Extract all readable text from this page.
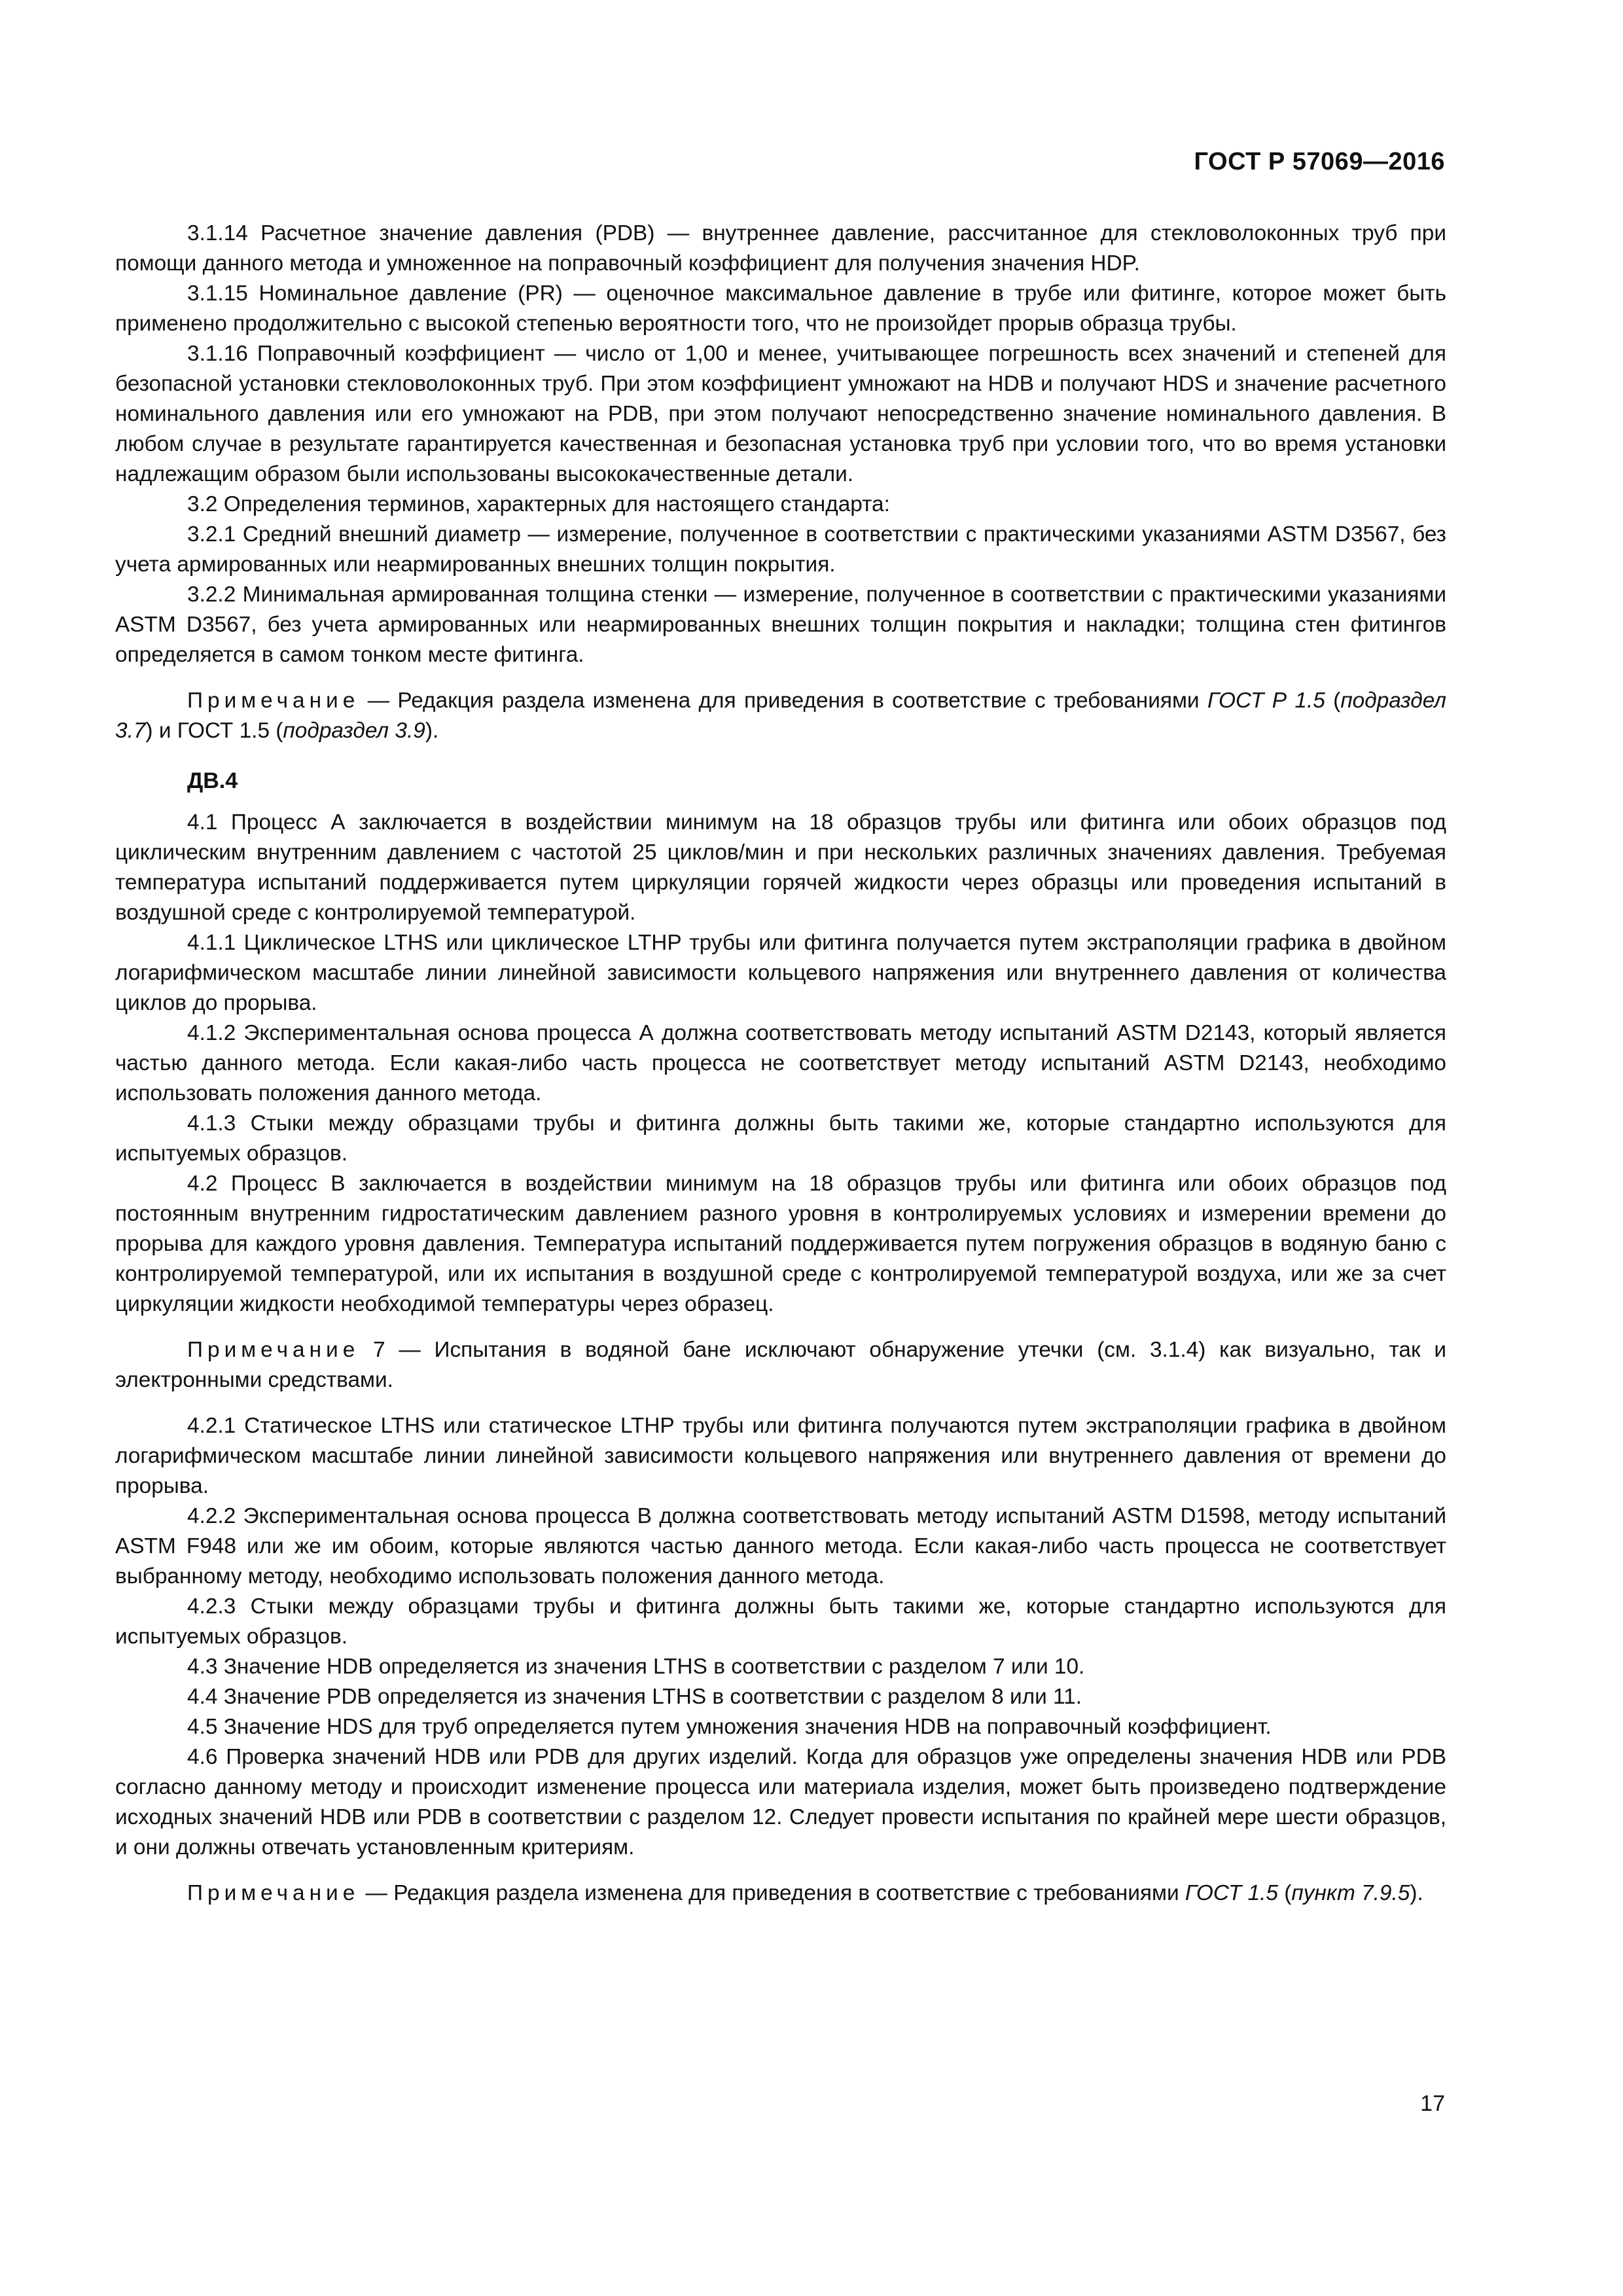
ГОСТ Р 57069—2016

3.1.14 Расчетное значение давления (PDB) — внутреннее давление, рассчитанное для стекловолоконных труб при помощи данного метода и умноженное на поправочный коэффициент для получения значения HDP.

3.1.15 Номинальное давление (PR) — оценочное максимальное давление в трубе или фитинге, которое может быть применено продолжительно с высокой степенью вероятности того, что не произойдет прорыв образца трубы.

3.1.16 Поправочный коэффициент — число от 1,00 и менее, учитывающее погрешность всех значений и степеней для безопасной установки стекловолоконных труб. При этом коэффициент умножают на HDB и получают HDS и значение расчетного номинального давления или его умножают на PDB, при этом получают непосредственно значение номинального давления. В любом случае в результате гарантируется качественная и безопасная установка труб при условии того, что во время установки надлежащим образом были использованы высококачественные детали.

3.2 Определения терминов, характерных для настоящего стандарта:

3.2.1 Средний внешний диаметр — измерение, полученное в соответствии с практическими указаниями ASTM D3567, без учета армированных или неармированных внешних толщин покрытия.

3.2.2 Минимальная армированная толщина стенки — измерение, полученное в соответствии с практическими указаниями ASTM D3567, без учета армированных или неармированных внешних толщин покрытия и накладки; толщина стен фитингов определяется в самом тонком месте фитинга.

Примечание — Редакция раздела изменена для приведения в соответствие с требованиями ГОСТ Р 1.5 (подраздел 3.7) и ГОСТ 1.5 (подраздел 3.9).

ДВ.4

4.1 Процесс А заключается в воздействии минимум на 18 образцов трубы или фитинга или обоих образцов под циклическим внутренним давлением с частотой 25 циклов/мин и при нескольких различных значениях давления. Требуемая температура испытаний поддерживается путем циркуляции горячей жидкости через образцы или проведения испытаний в воздушной среде с контролируемой температурой.

4.1.1 Циклическое LTHS или циклическое LTHP трубы или фитинга получается путем экстраполяции графика в двойном логарифмическом масштабе линии линейной зависимости кольцевого напряжения или внутреннего давления от количества циклов до прорыва.

4.1.2 Экспериментальная основа процесса А должна соответствовать методу испытаний ASTM D2143, который является частью данного метода. Если какая-либо часть процесса не соответствует методу испытаний ASTM D2143, необходимо использовать положения данного метода.

4.1.3 Стыки между образцами трубы и фитинга должны быть такими же, которые стандартно используются для испытуемых образцов.

4.2 Процесс В заключается в воздействии минимум на 18 образцов трубы или фитинга или обоих образцов под постоянным внутренним гидростатическим давлением разного уровня в контролируемых условиях и измерении времени до прорыва для каждого уровня давления. Температура испытаний поддерживается путем погружения образцов в водяную баню с контролируемой температурой, или их испытания в воздушной среде с контролируемой температурой воздуха, или же за счет циркуляции жидкости необходимой температуры через образец.

Примечание 7 — Испытания в водяной бане исключают обнаружение утечки (см. 3.1.4) как визуально, так и электронными средствами.

4.2.1 Статическое LTHS или статическое LTHP трубы или фитинга получаются путем экстраполяции графика в двойном логарифмическом масштабе линии линейной зависимости кольцевого напряжения или внутреннего давления от времени до прорыва.

4.2.2 Экспериментальная основа процесса В должна соответствовать методу испытаний ASTM D1598, методу испытаний ASTM F948 или же им обоим, которые являются частью данного метода. Если какая-либо часть процесса не соответствует выбранному методу, необходимо использовать положения данного метода.

4.2.3 Стыки между образцами трубы и фитинга должны быть такими же, которые стандартно используются для испытуемых образцов.

4.3 Значение HDB определяется из значения LTHS в соответствии с разделом 7 или 10.

4.4 Значение PDB определяется из значения LTHS в соответствии с разделом 8 или 11.

4.5 Значение HDS для труб определяется путем умножения значения HDB на поправочный коэффициент.

4.6 Проверка значений HDB или PDB для других изделий. Когда для образцов уже определены значения HDB или PDB согласно данному методу и происходит изменение процесса или материала изделия, может быть произведено подтверждение исходных значений HDB или PDB в соответствии с разделом 12. Следует провести испытания по крайней мере шести образцов, и они должны отвечать установленным критериям.

Примечание — Редакция раздела изменена для приведения в соответствие с требованиями ГОСТ 1.5 (пункт 7.9.5).

17
